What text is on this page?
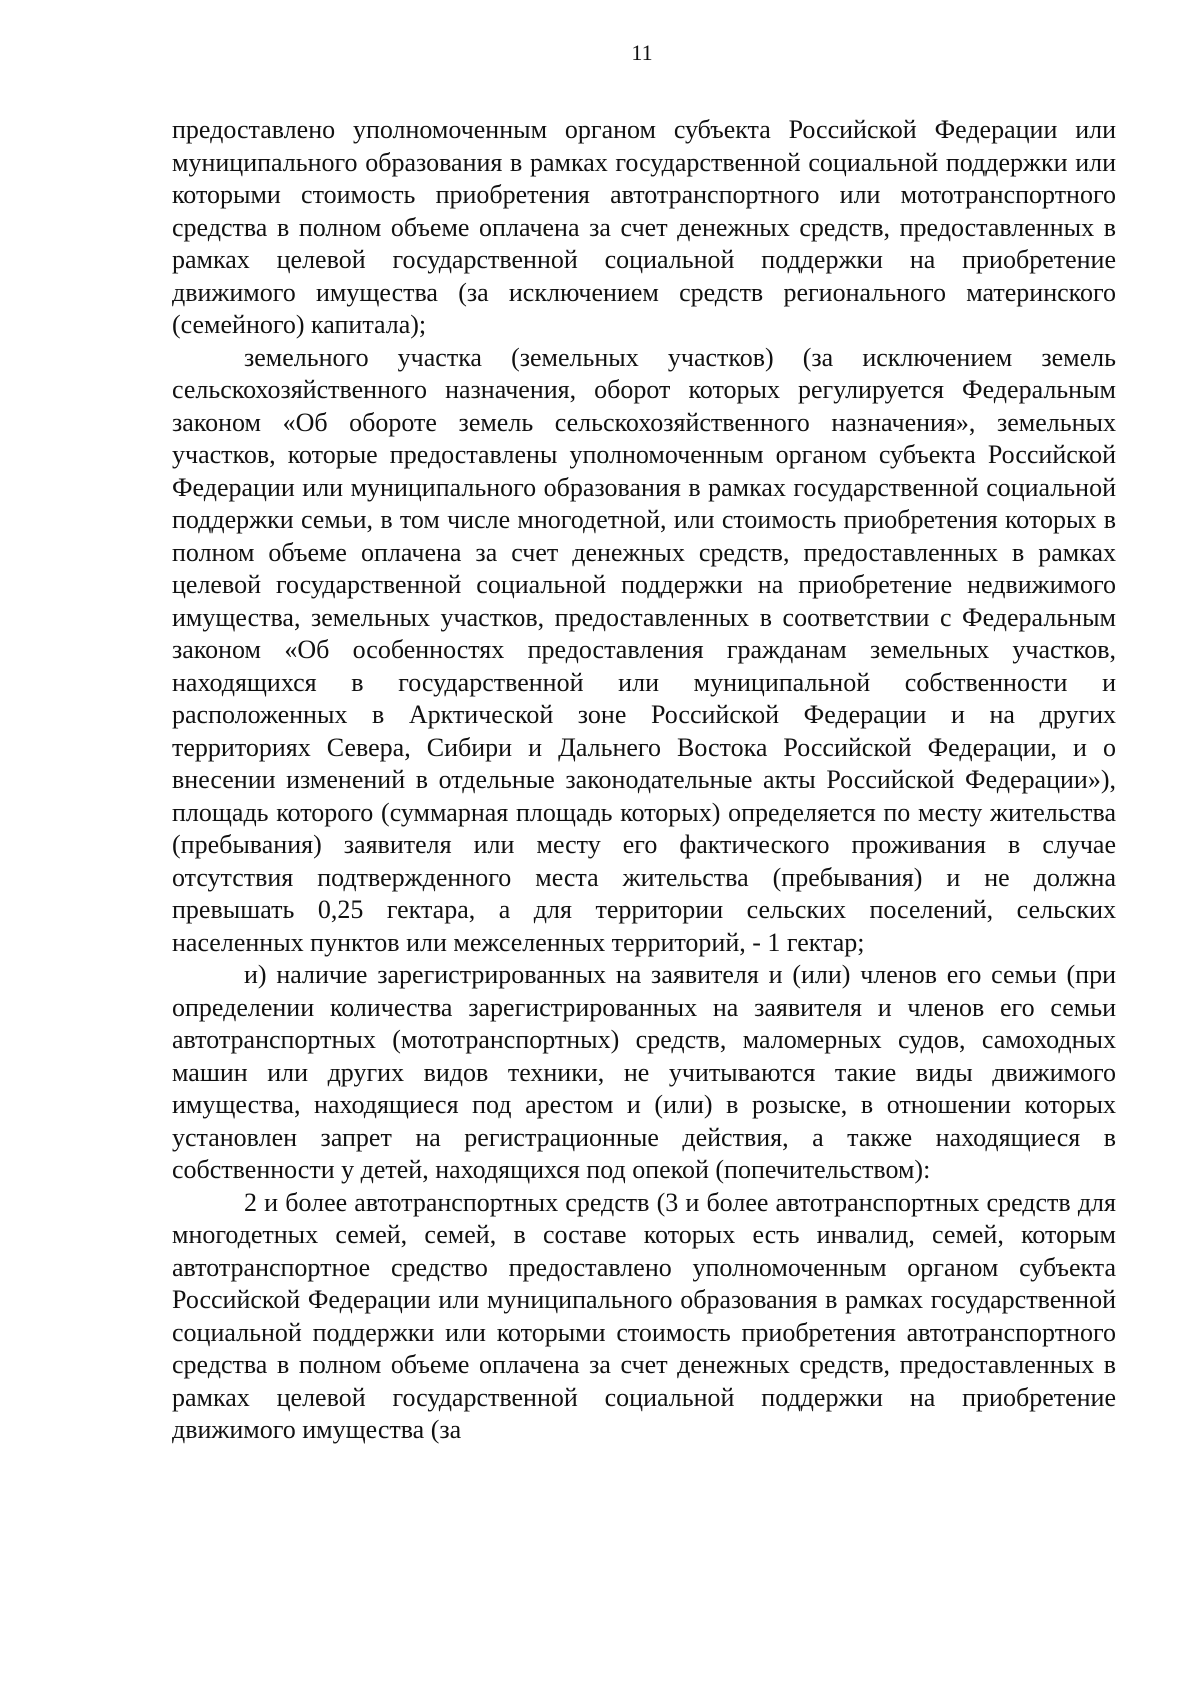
11

предоставлено уполномоченным органом субъекта Российской Федерации или муниципального образования в рамках государственной социальной поддержки или которыми стоимость приобретения автотранспортного или мототранспортного средства в полном объеме оплачена за счет денежных средств, предоставленных в рамках целевой государственной социальной поддержки на приобретение движимого имущества (за исключением средств регионального материнского (семейного) капитала);

земельного участка (земельных участков) (за исключением земель сельскохозяйственного назначения, оборот которых регулируется Федеральным законом «Об обороте земель сельскохозяйственного назначения», земельных участков, которые предоставлены уполномоченным органом субъекта Российской Федерации или муниципального образования в рамках государственной социальной поддержки семьи, в том числе многодетной, или стоимость приобретения которых в полном объеме оплачена за счет денежных средств, предоставленных в рамках целевой государственной социальной поддержки на приобретение недвижимого имущества, земельных участков, предоставленных в соответствии с Федеральным законом «Об особенностях предоставления гражданам земельных участков, находящихся в государственной или муниципальной собственности и расположенных в Арктической зоне Российской Федерации и на других территориях Севера, Сибири и Дальнего Востока Российской Федерации, и о внесении изменений в отдельные законодательные акты Российской Федерации»), площадь которого (суммарная площадь которых) определяется по месту жительства (пребывания) заявителя или месту его фактического проживания в случае отсутствия подтвержденного места жительства (пребывания) и не должна превышать 0,25 гектара, а для территории сельских поселений, сельских населенных пунктов или межселенных территорий, - 1 гектар;

и) наличие зарегистрированных на заявителя и (или) членов его семьи (при определении количества зарегистрированных на заявителя и членов его семьи автотранспортных (мототранспортных) средств, маломерных судов, самоходных машин или других видов техники, не учитываются такие виды движимого имущества, находящиеся под арестом и (или) в розыске, в отношении которых установлен запрет на регистрационные действия, а также находящиеся в собственности у детей, находящихся под опекой (попечительством):

2 и более автотранспортных средств (3 и более автотранспортных средств для многодетных семей, семей, в составе которых есть инвалид, семей, которым автотранспортное средство предоставлено уполномоченным органом субъекта Российской Федерации или муниципального образования в рамках государственной социальной поддержки или которыми стоимость приобретения автотранспортного средства в полном объеме оплачена за счет денежных средств, предоставленных в рамках целевой государственной социальной поддержки на приобретение движимого имущества (за
